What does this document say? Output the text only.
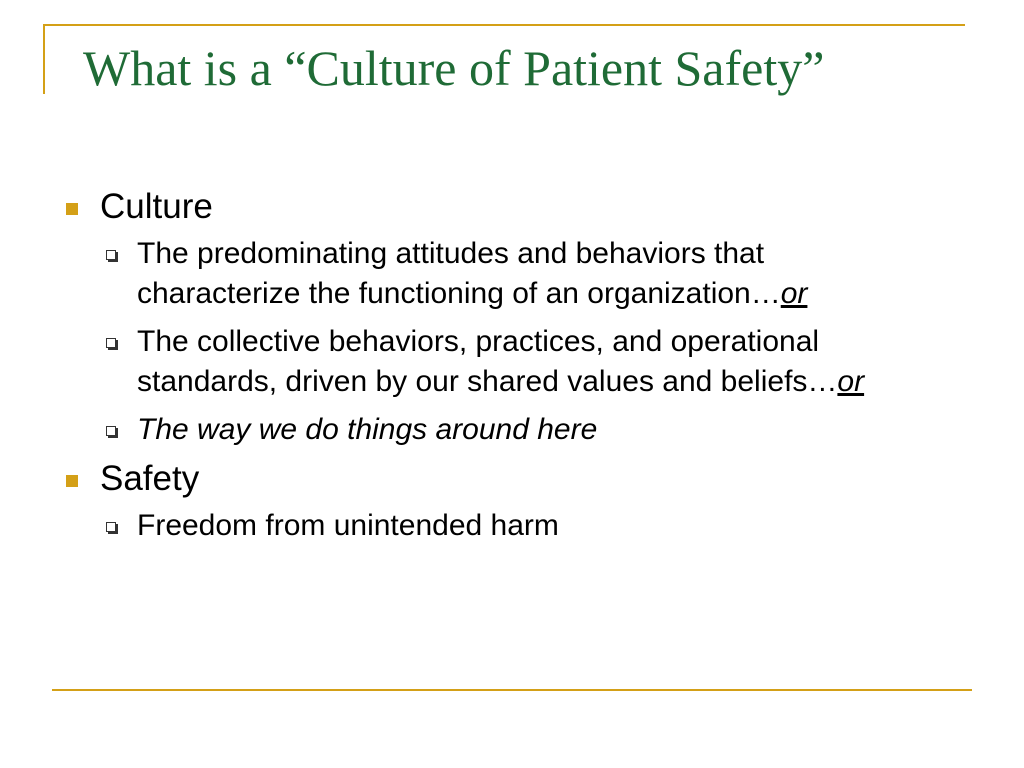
What is a “Culture of Patient Safety”
Culture
The predominating attitudes and behaviors that characterize the functioning of an organization…or
The collective behaviors, practices, and operational standards, driven by our shared values and beliefs…or
The way we do things around here
Safety
Freedom from unintended harm
